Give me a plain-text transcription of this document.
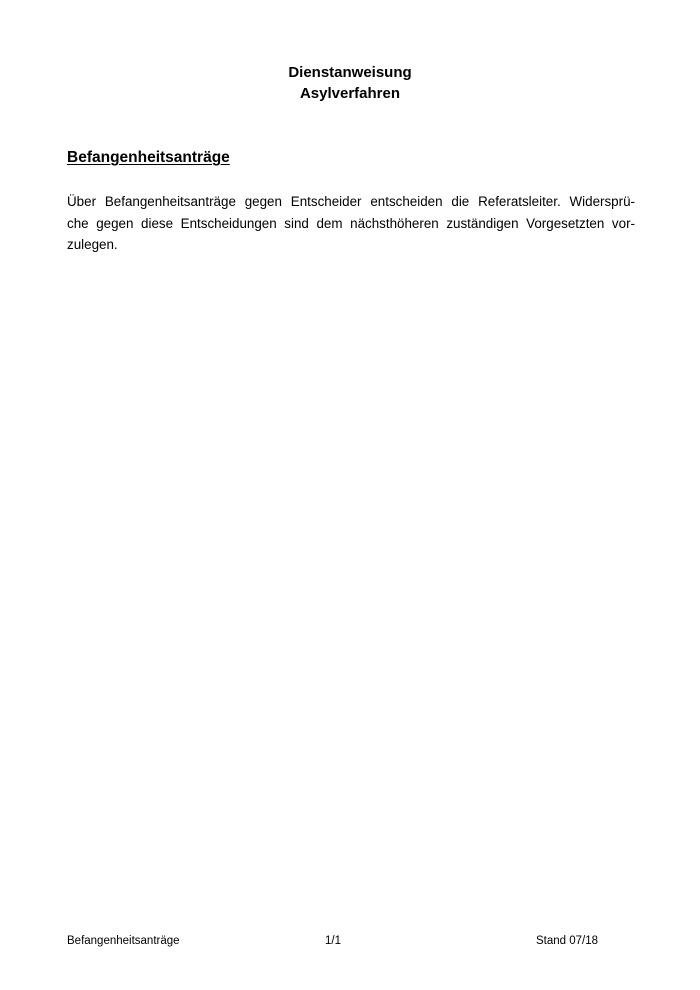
Dienstanweisung
Asylverfahren
Befangenheitsanträge
Über Befangenheitsanträge gegen Entscheider entscheiden die Referatsleiter. Widersprü-
che gegen diese Entscheidungen sind dem nächsthöheren zuständigen Vorgesetzten vor-
zulegen.
Befangenheitsanträge	1/1	Stand 07/18
